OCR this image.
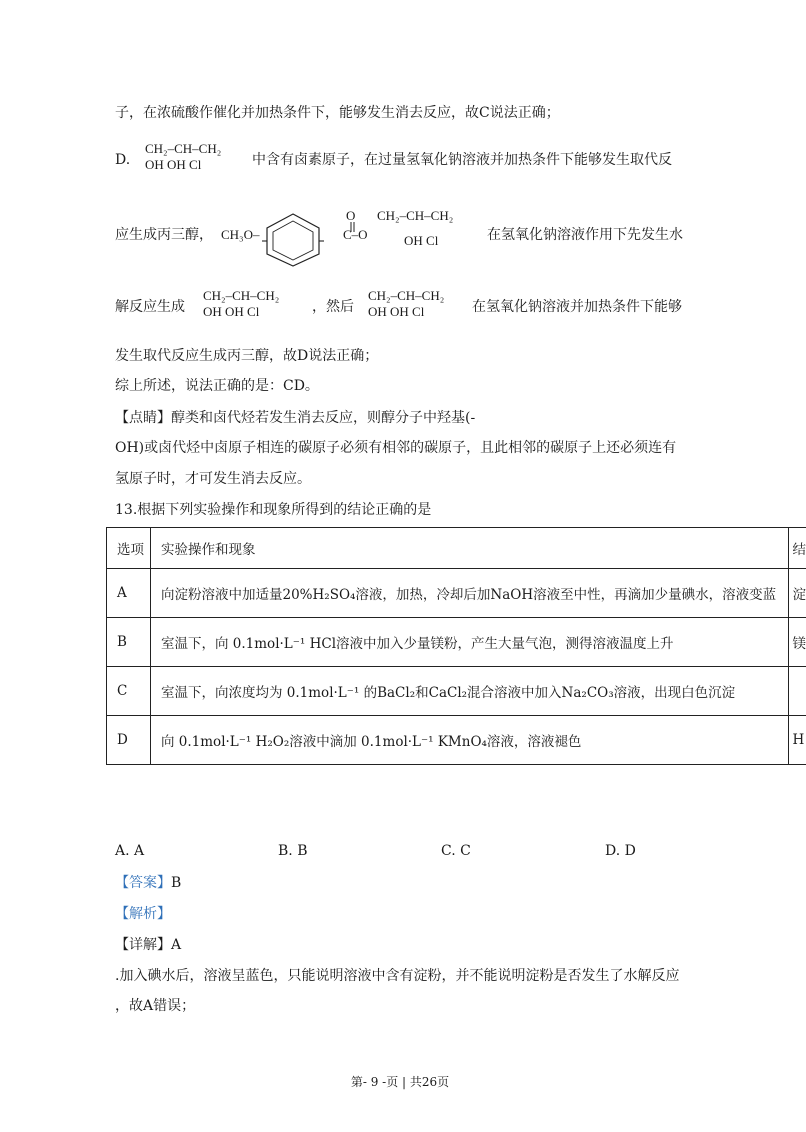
子，在浓硫酸作催化并加热条件下，能够发生消去反应，故C说法正确；
D.
CH₂–CH–CH₂
OH OH Cl	中含有卤素原子，在过量氢氧化钠溶液并加热条件下能够发生取代反
应生成丙三醇， CH₃O–
O
C–O
CH₂–CH–CH₂
OH Cl	在氢氧化钠溶液作用下先发生水
解反应生成
CH₂–CH–CH₂
OH OH Cl	，然后
CH₂–CH–CH₂
OH OH Cl	在氢氧化钠溶液并加热条件下能够
发生取代反应生成丙三醇，故D说法正确；
综上所述，说法正确的是：CD。
【点睛】醇类和卤代烃若发生消去反应，则醇分子中羟基(-
OH)或卤代烃中卤原子相连的碳原子必须有相邻的碳原子，且此相邻的碳原子上还必须连有
氢原子时，才可发生消去反应。
13.根据下列实验操作和现象所得到的结论正确的是
选项	实验操作和现象	结
A	向淀粉溶液中加适量20%H₂SO₄溶液，加热，冷却后加NaOH溶液至中性，再滴加少量碘水，溶液变蓝	淀
B	室温下，向 0.1mol·L⁻¹ HCl溶液中加入少量镁粉，产生大量气泡，测得溶液温度上升	镁
C	室温下，向浓度均为 0.1mol·L⁻¹ 的BaCl₂和CaCl₂混合溶液中加入Na₂CO₃溶液，出现白色沉淀	
D	向 0.1mol·L⁻¹ H₂O₂溶液中滴加 0.1mol·L⁻¹ KMnO₄溶液，溶液褪色	H
A. A	B. B	C. C	D. D
【答案】B
【解析】
【详解】A
.加入碘水后，溶液呈蓝色，只能说明溶液中含有淀粉，并不能说明淀粉是否发生了水解反应
，故A错误；
第- 9 -页 | 共26页
